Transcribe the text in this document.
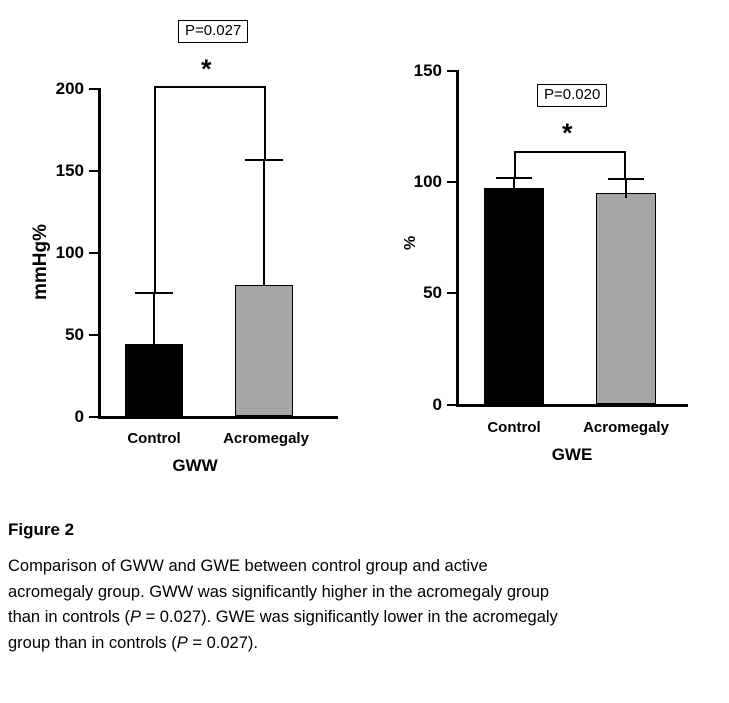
mmHg%
200
150
100
50
0
P=0.027
*
Control	Acromegaly
GWW
%
150
100
50
0
P=0.020
*
Control	Acromegaly
GWE

Figure 2

Comparison of GWW and GWE between control group and active acromegaly group. GWW was significantly higher in the acromegaly group than in controls (P = 0.027). GWE was significantly lower in the acromegaly group than in controls (P = 0.027).
